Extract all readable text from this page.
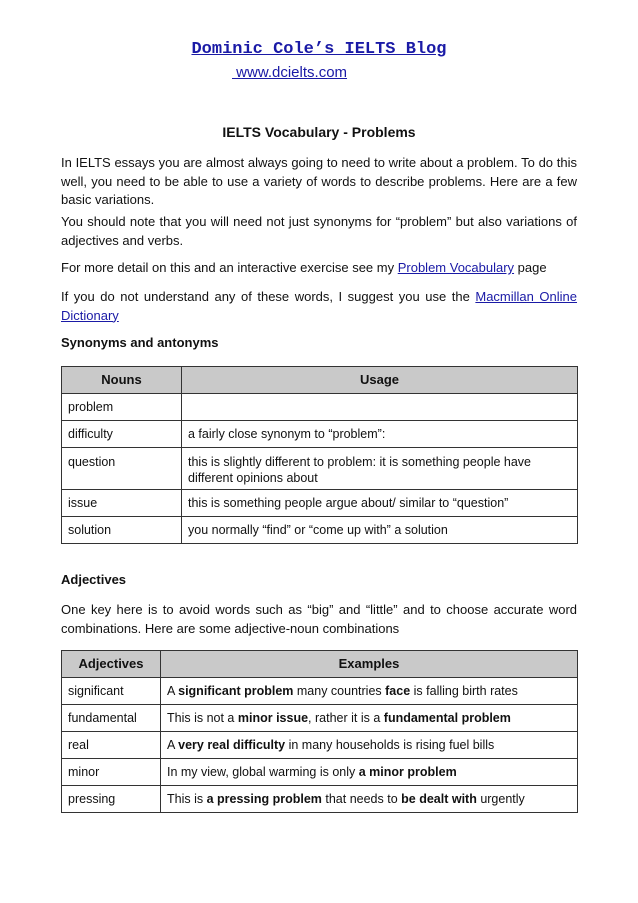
Dominic Cole’s IELTS Blog
www.dcielts.com
IELTS Vocabulary - Problems

In IELTS essays you are almost always going to need to write about a problem. To do this well, you need to be able to use a variety of words to describe problems. Here are a few basic variations.

You should note that you will need not just synonyms for “problem” but also variations of adjectives and verbs.

For more detail on this and an interactive exercise see my Problem Vocabulary page

If you do not understand any of these words, I suggest you use the Macmillan Online Dictionary

Synonyms and antonyms
Nouns	Usage
problem	
difficulty	a fairly close synonym to “problem”:
question	this is slightly different to problem: it is something people have different opinions about
issue	this is something people argue about/ similar to “question”
solution	you normally “find” or “come up with” a solution
Adjectives

One key here is to avoid words such as “big” and “little” and to choose accurate word combinations. Here are some adjective-noun combinations

Adjectives	Examples
significant	A significant problem many countries face is falling birth rates
fundamental	This is not a minor issue, rather it is a fundamental problem
real	A very real difficulty in many households is rising fuel bills
minor	In my view, global warming is only a minor problem
pressing	This is a pressing problem that needs to be dealt with urgently
